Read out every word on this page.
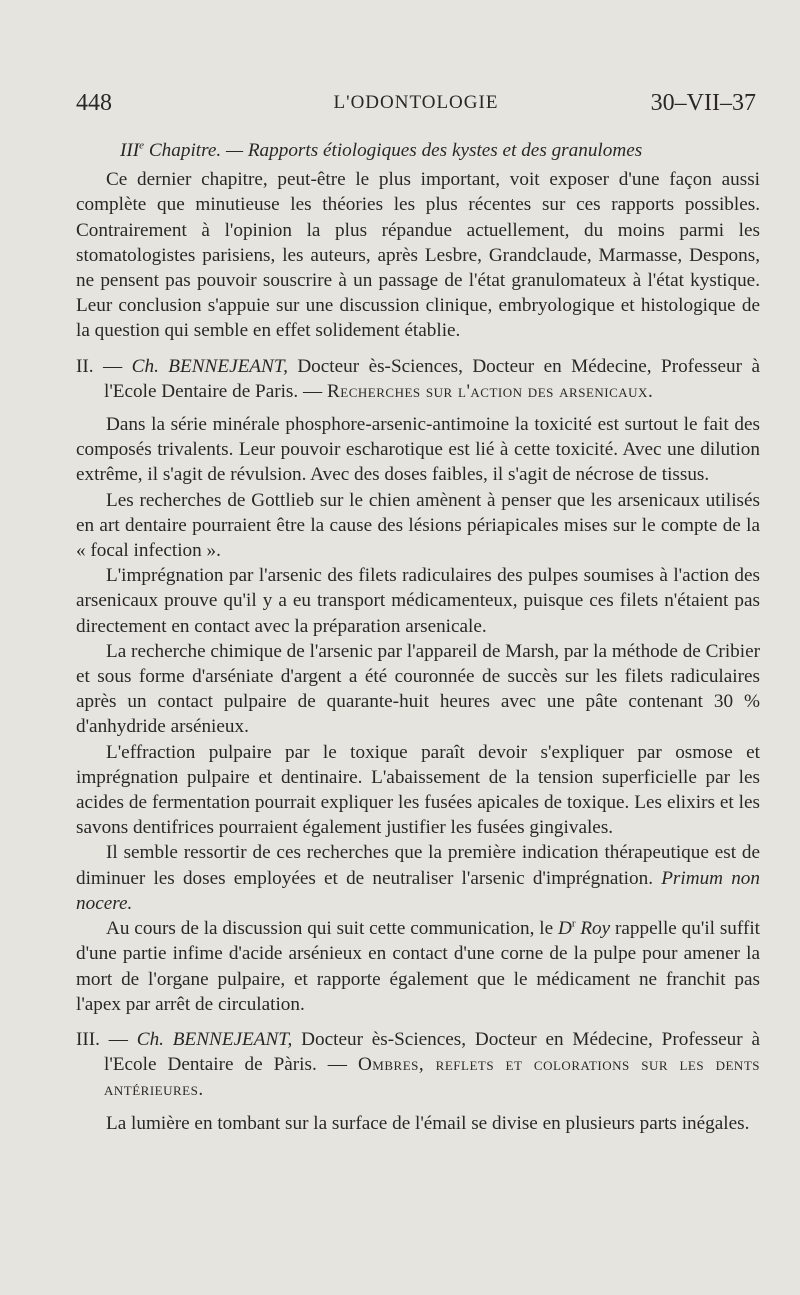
448	L'ODONTOLOGIE	30–VII–37

IIIe Chapitre. — Rapports étiologiques des kystes et des granulomes

Ce dernier chapitre, peut-être le plus important, voit exposer d'une façon aussi complète que minutieuse les théories les plus récentes sur ces rapports possibles. Contrairement à l'opinion la plus répandue actuellement, du moins parmi les stomatologistes parisiens, les auteurs, après Lesbre, Grandclaude, Marmasse, Despons, ne pensent pas pouvoir souscrire à un passage de l'état granulomateux à l'état kystique. Leur conclusion s'appuie sur une discussion clinique, embryologique et histologique de la question qui semble en effet solidement établie.

II. — Ch. BENNEJEANT, Docteur ès-Sciences, Docteur en Médecine, Professeur à l'Ecole Dentaire de Paris. — Recherches sur l'action des arsenicaux.

Dans la série minérale phosphore-arsenic-antimoine la toxicité est surtout le fait des composés trivalents. Leur pouvoir escharotique est lié à cette toxicité. Avec une dilution extrême, il s'agit de révulsion. Avec des doses faibles, il s'agit de nécrose de tissus.

Les recherches de Gottlieb sur le chien amènent à penser que les arsenicaux utilisés en art dentaire pourraient être la cause des lésions périapicales mises sur le compte de la « focal infection ».

L'imprégnation par l'arsenic des filets radiculaires des pulpes soumises à l'action des arsenicaux prouve qu'il y a eu transport médicamenteux, puisque ces filets n'étaient pas directement en contact avec la préparation arsenicale.

La recherche chimique de l'arsenic par l'appareil de Marsh, par la méthode de Cribier et sous forme d'arséniate d'argent a été couronnée de succès sur les filets radiculaires après un contact pulpaire de quarante-huit heures avec une pâte contenant 30 % d'anhydride arsénieux.

L'effraction pulpaire par le toxique paraît devoir s'expliquer par osmose et imprégnation pulpaire et dentinaire. L'abaissement de la tension superficielle par les acides de fermentation pourrait expliquer les fusées apicales de toxique. Les elixirs et les savons dentifrices pourraient également justifier les fusées gingivales.

Il semble ressortir de ces recherches que la première indication thérapeutique est de diminuer les doses employées et de neutraliser l'arsenic d'imprégnation. Primum non nocere.

Au cours de la discussion qui suit cette communication, le $D^r$ Roy rappelle qu'il suffit d'une partie infime d'acide arsénieux en contact d'une corne de la pulpe pour amener la mort de l'organe pulpaire, et rapporte également que le médicament ne franchit pas l'apex par arrêt de circulation.

III. — Ch. BENNEJEANT, Docteur ès-Sciences, Docteur en Médecine, Professeur à l'Ecole Dentaire de Pàris. — Ombres, reflets et colorations sur les dents antérieures.

La lumière en tombant sur la surface de l'émail se divise en plusieurs parts inégales.
